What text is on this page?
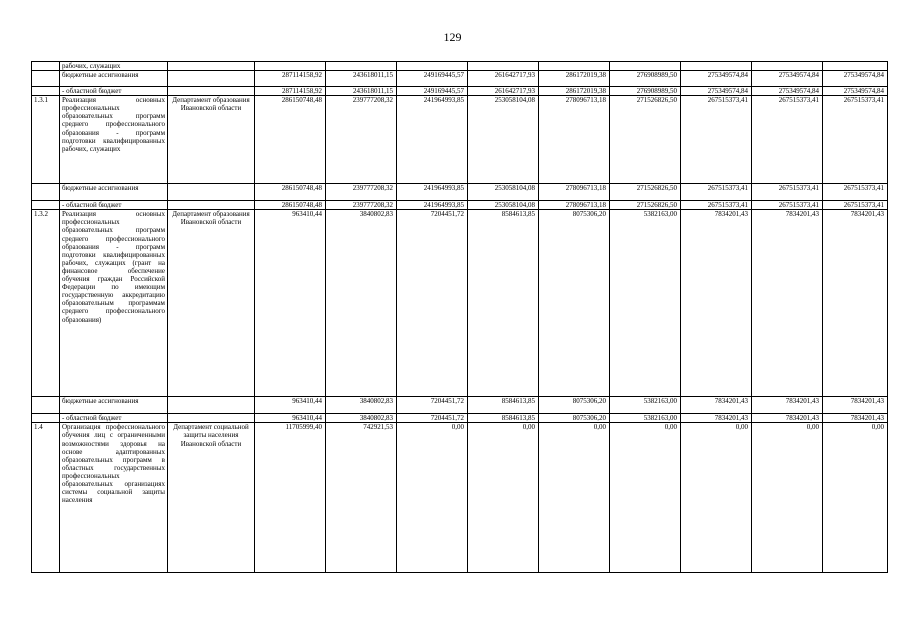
129
	рабочих, служащих										
	бюджетные ассигнования		287114158,92	243618011,15	249169445,57	261642717,93	286172019,38	276908989,50	275349574,84	275349574,84	275349574,84
	- областной бюджет		287114158,92	243618011,15	249169445,57	261642717,93	286172019,38	276908989,50	275349574,84	275349574,84	275349574,84
1.3.1	Реализация основных профессиональных образовательных программ среднего профессионального образования - программ подготовки квалифицированных рабочих, служащих	Департамент образования Ивановской области	286150748,48	239777208,32	241964993,85	253058104,08	278096713,18	271526826,50	267515373,41	267515373,41	267515373,41
	бюджетные ассигнования		286150748,48	239777208,32	241964993,85	253058104,08	278096713,18	271526826,50	267515373,41	267515373,41	267515373,41
	- областной бюджет		286150748,48	239777208,32	241964993,85	253058104,08	278096713,18	271526826,50	267515373,41	267515373,41	267515373,41
1.3.2	Реализация основных профессиональных образовательных программ среднего профессионального образования - программ подготовки квалифицированных рабочих, служащих (грант на финансовое обеспечение обучения граждан Российской Федерации по имеющим государственную аккредитацию образовательным программам среднего профессионального образования)	Департамент образования Ивановской области	963410,44	3840802,83	7204451,72	8584613,85	8075306,20	5382163,00	7834201,43	7834201,43	7834201,43
	бюджетные ассигнования		963410,44	3840802,83	7204451,72	8584613,85	8075306,20	5382163,00	7834201,43	7834201,43	7834201,43
	- областной бюджет		963410,44	3840802,83	7204451,72	8584613,85	8075306,20	5382163,00	7834201,43	7834201,43	7834201,43
1.4	Организация профессионального обучения лиц с ограниченными возможностями здоровья на основе адаптированных образовательных программ в областных государственных профессиональных образовательных организациях системы социальной защиты населения	Департамент социальной защиты населения Ивановской области	11705999,40	742921,53	0,00	0,00	0,00	0,00	0,00	0,00	0,00
